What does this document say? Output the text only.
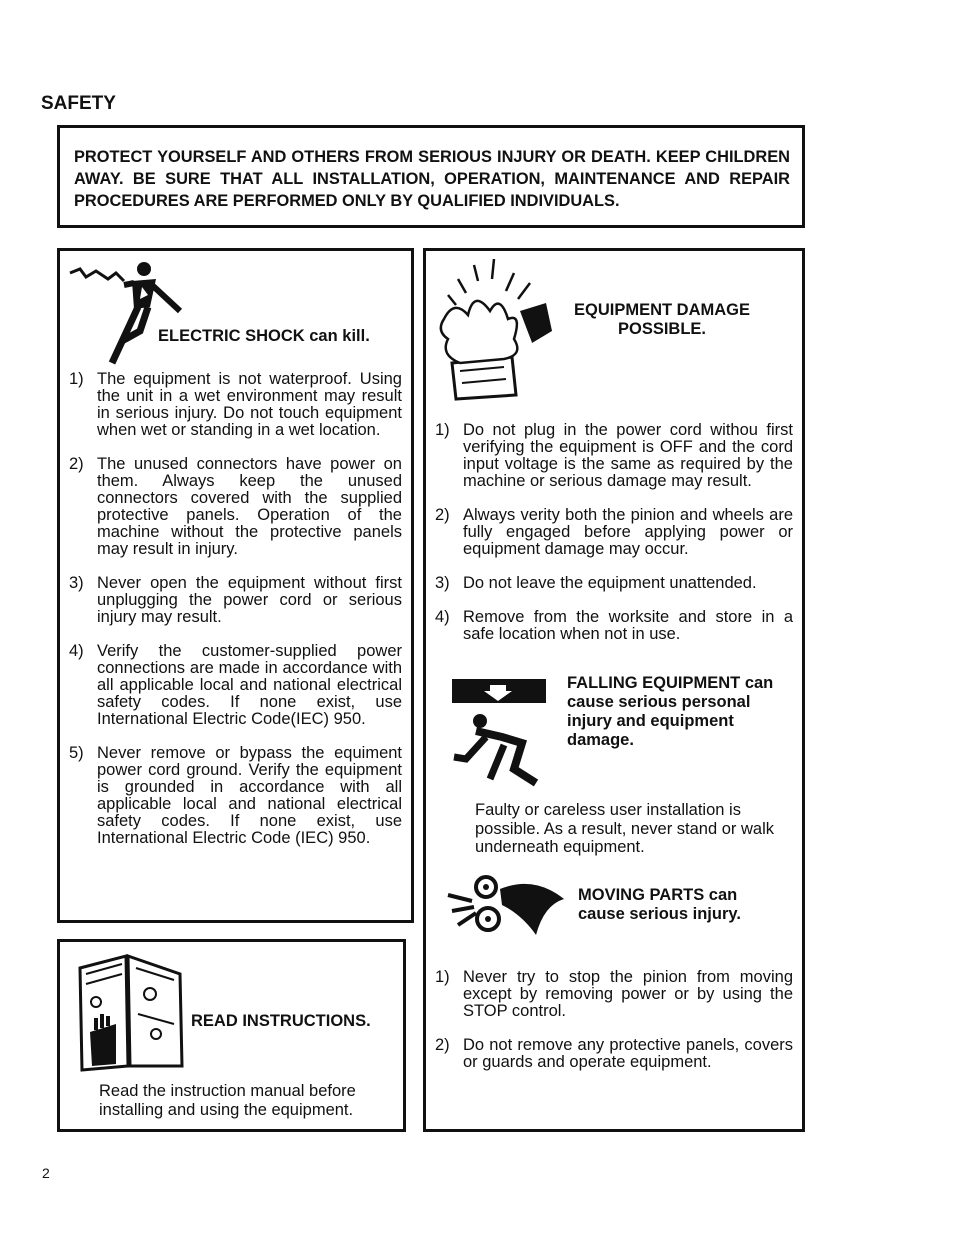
SAFETY
PROTECT YOURSELF AND OTHERS FROM SERIOUS INJURY OR DEATH. KEEP CHILDREN AWAY. BE SURE THAT ALL INSTALLATION, OPERATION, MAINTENANCE AND REPAIR PROCEDURES ARE PERFORMED ONLY BY QUALIFIED INDIVIDUALS.
ELECTRIC SHOCK can kill.
1) The equipment is not waterproof. Using the unit in a wet environment may result in serious injury. Do not touch equipment when wet or standing in a wet location.
2) The unused connectors have power on them. Always keep the unused connectors covered with the supplied protective panels. Operation of the machine without the protective panels may result in injury.
3) Never open the equipment without first unplugging the power cord or serious injury may result.
4) Verify the customer-supplied power connections are made in accordance with all applicable local and national electrical safety codes. If none exist, use International Electric Code(IEC) 950.
5) Never remove or bypass the equiment power cord ground. Verify the equipment is grounded in accordance with all applicable local and national electrical safety codes. If none exist, use International Electric Code (IEC) 950.
READ INSTRUCTIONS.
Read the instruction manual before installing and using the equipment.
EQUIPMENT DAMAGE
POSSIBLE.
1) Do not plug in the power cord withou first verifying the equipment is OFF and the cord input voltage is the same as required by the machine or serious damage may result.
2) Always verity both the pinion and wheels are fully engaged before applying power or equipment damage may occur.
3) Do not leave the equipment unattended.
4) Remove from the worksite and store in a safe location when not in use.
FALLING EQUIPMENT can cause serious personal injury and equipment damage.
Faulty or careless user installation is possible. As a result, never stand or walk underneath equipment.
MOVING PARTS can cause serious injury.
1) Never try to stop the pinion from moving except by removing power or by using the STOP control.
2) Do not remove any protective panels, covers or guards and operate equipment.
2
